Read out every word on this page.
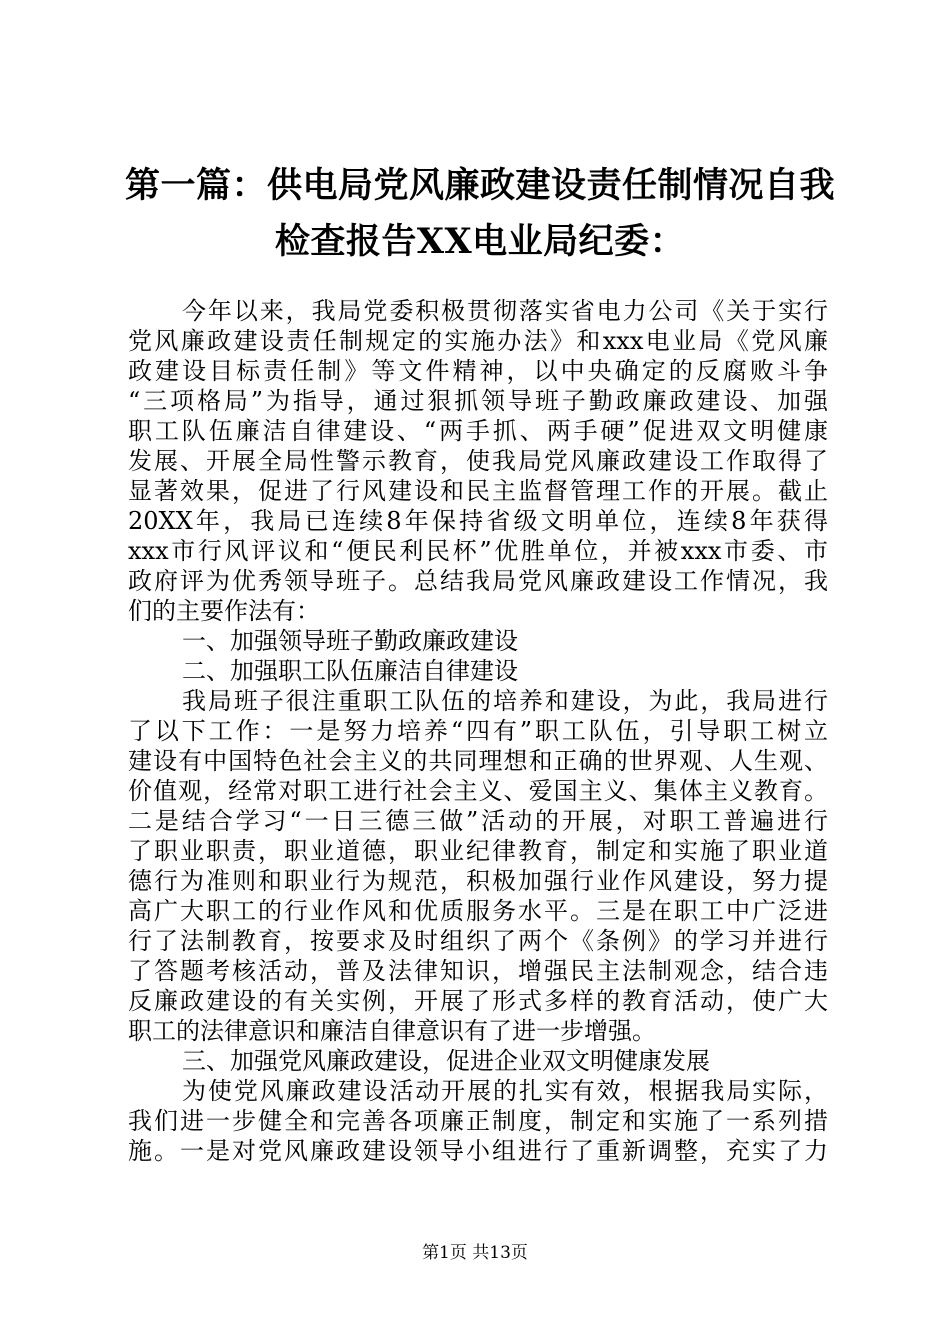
第一篇：供电局党风廉政建设责任制情况自我
检查报告XX电业局纪委：
今年以来，我局党委积极贯彻落实省电力公司《关于实行
党风廉政建设责任制规定的实施办法》和xxx电业局《党风廉
政建设目标责任制》等文件精神，以中央确定的反腐败斗争
“三项格局”为指导，通过狠抓领导班子勤政廉政建设、加强
职工队伍廉洁自律建设、“两手抓、两手硬”促进双文明健康
发展、开展全局性警示教育，使我局党风廉政建设工作取得了
显著效果，促进了行风建设和民主监督管理工作的开展。截止
20XX年，我局已连续8年保持省级文明单位，连续8年获得
xxx市行风评议和“便民利民杯”优胜单位，并被xxx市委、市
政府评为优秀领导班子。总结我局党风廉政建设工作情况，我
们的主要作法有：
一、加强领导班子勤政廉政建设
二、加强职工队伍廉洁自律建设
我局班子很注重职工队伍的培养和建设，为此，我局进行
了以下工作：一是努力培养“四有”职工队伍，引导职工树立
建设有中国特色社会主义的共同理想和正确的世界观、人生观、
价值观，经常对职工进行社会主义、爱国主义、集体主义教育。
二是结合学习“一日三德三做”活动的开展，对职工普遍进行
了职业职责，职业道德，职业纪律教育，制定和实施了职业道
德行为准则和职业行为规范，积极加强行业作风建设，努力提
高广大职工的行业作风和优质服务水平。三是在职工中广泛进
行了法制教育，按要求及时组织了两个《条例》的学习并进行
了答题考核活动，普及法律知识，增强民主法制观念，结合违
反廉政建设的有关实例，开展了形式多样的教育活动，使广大
职工的法律意识和廉洁自律意识有了进一步增强。
三、加强党风廉政建设，促进企业双文明健康发展
为使党风廉政建设活动开展的扎实有效，根据我局实际，
我们进一步健全和完善各项廉正制度，制定和实施了一系列措
施。一是对党风廉政建设领导小组进行了重新调整，充实了力
第1页 共13页
